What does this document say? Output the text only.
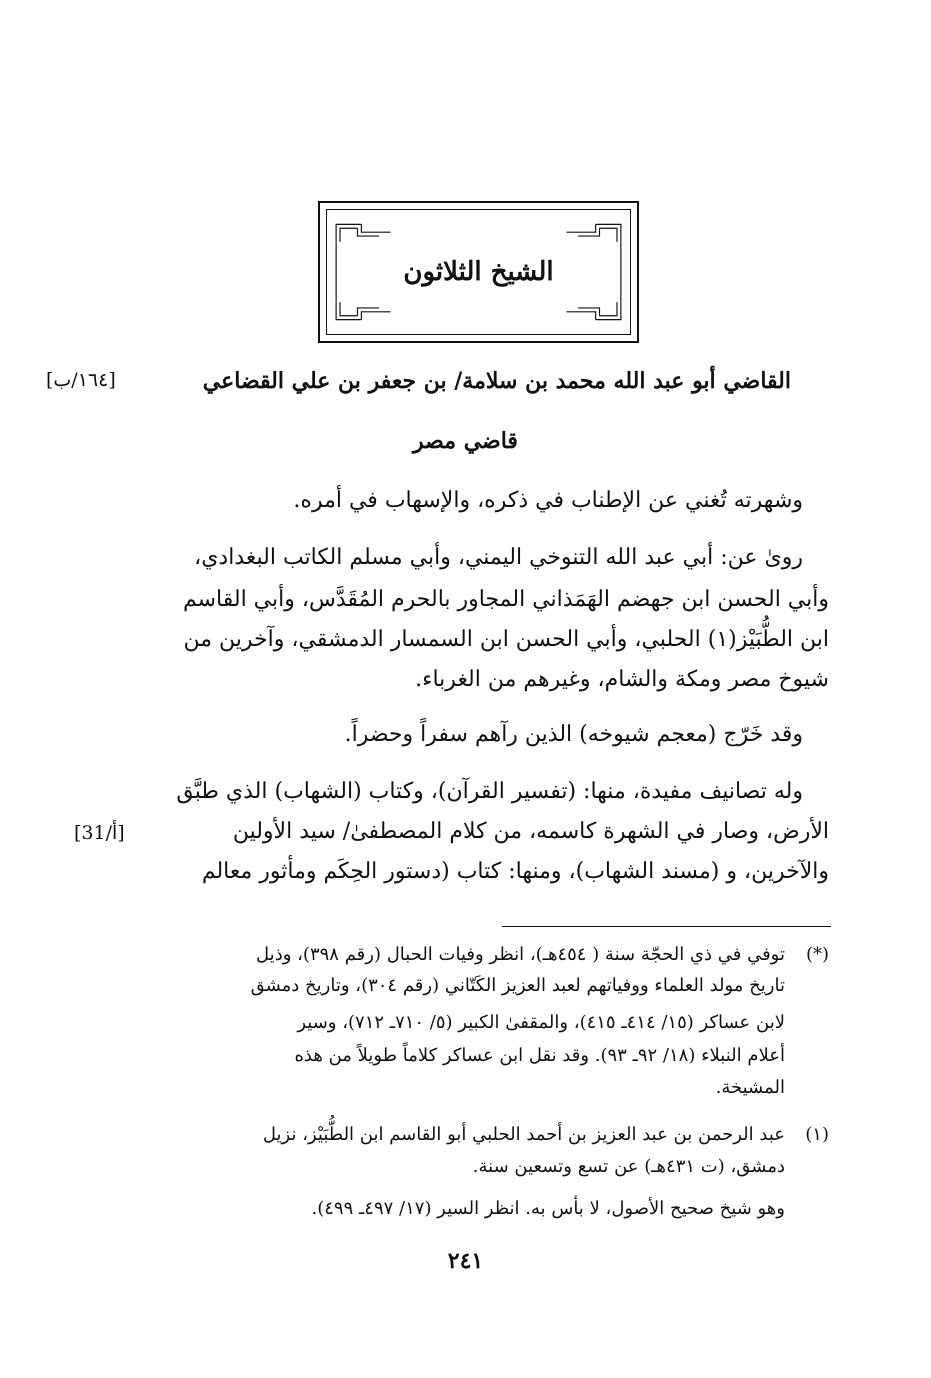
الشيخ الثلاثون
القاضي أبو عبد الله محمد بن سلامة/ بن جعفر بن علي القضاعي
[١٦٤/ب]
قاضي مصر
وشهرته تُغني عن الإطناب في ذكره، والإسهاب في أمره.
روىٰ عن: أبي عبد الله التنوخي اليمني، وأبي مسلم الكاتب البغدادي،
وأبي الحسن ابن جهضم الهَمَذاني المجاور بالحرم المُقَدَّس، وأبي القاسم
ابن الطُّبَيْز(١) الحلبي، وأبي الحسن ابن السمسار الدمشقي، وآخرين من
شيوخ مصر ومكة والشام، وغيرهم من الغرباء.
وقد خَرّج (معجم شيوخه) الذين رآهم سفراً وحضراً.
وله تصانيف مفيدة، منها: (تفسير القرآن)، وكتاب (الشهاب) الذي طبَّق
الأرض، وصار في الشهرة كاسمه، من كلام المصطفىٰ/ سيد الأولين
[31/أ]
والآخرين، و (مسند الشهاب)، ومنها: كتاب (دستور الحِكَم ومأثور معالم
(*)
توفي في ذي الحجّة سنة ( ٤٥٤هـ)، انظر وفيات الحبال (رقم ٣٩٨)، وذيل
تاريخ مولد العلماء ووفياتهم لعبد العزيز الكَتّاني (رقم ٣٠٤)، وتاريخ دمشق
لابن عساكر (١٥/ ٤١٤ـ ٤١٥)، والمقفىٰ الكبير (٥/ ٧١٠ـ ٧١٢)، وسير
أعلام النبلاء (١٨/ ٩٢ـ ٩٣). وقد نقل ابن عساكر كلاماً طويلاً من هذه
المشيخة.
(١)
عبد الرحمن بن عبد العزيز بن أحمد الحلبي أبو القاسم ابن الطُّبَيْز، نزيل
دمشق، (ت ٤٣١هـ) عن تسع وتسعين سنة.
وهو شيخ صحيح الأصول، لا بأس به. انظر السير (١٧/ ٤٩٧ـ ٤٩٩).
٢٤١
